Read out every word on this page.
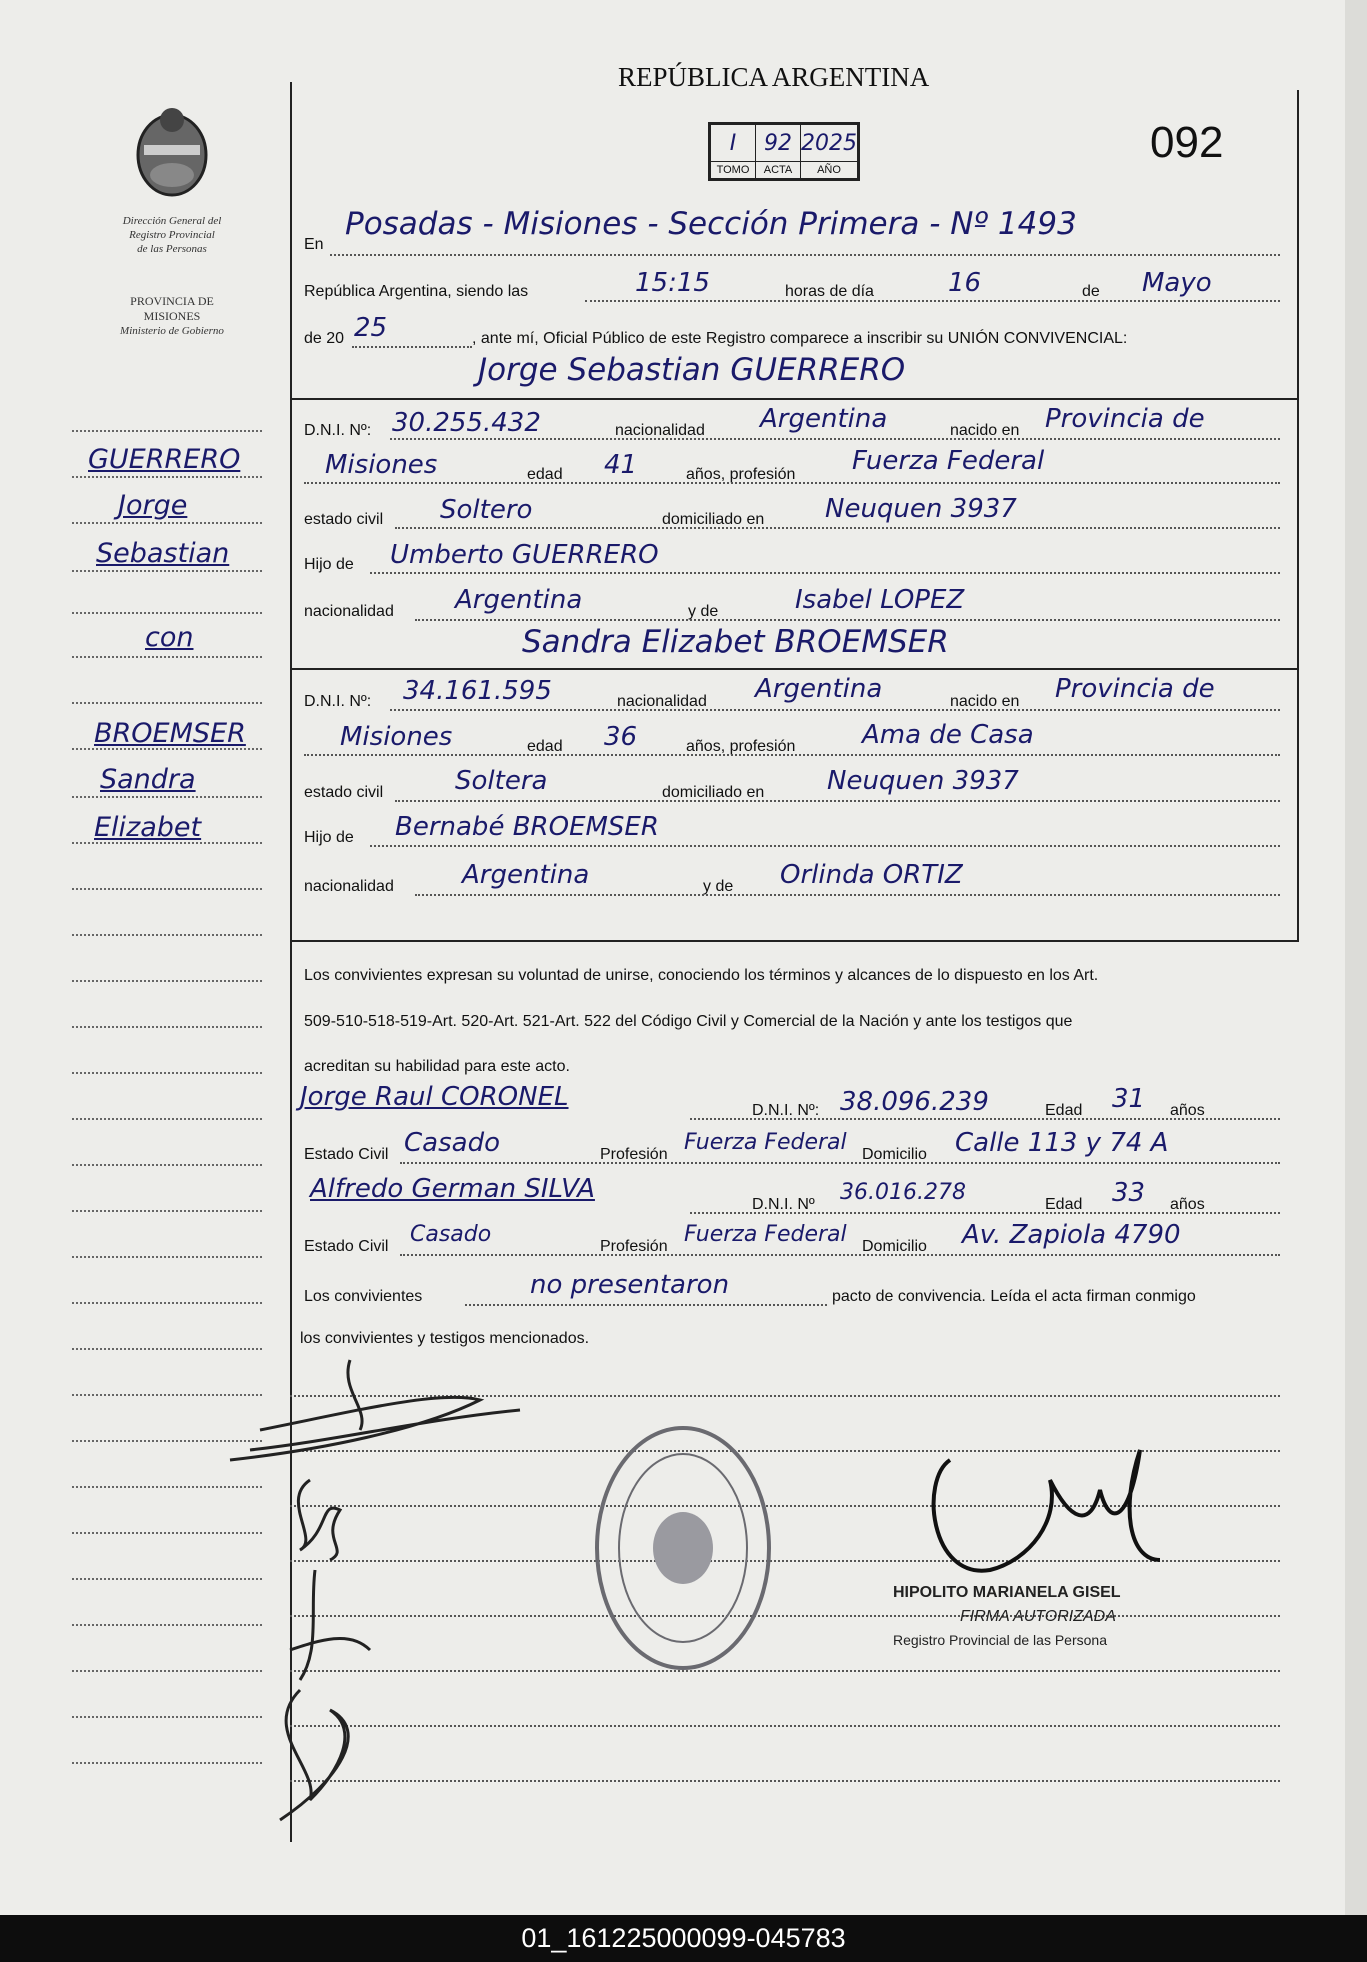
Dirección General del
Registro Provincial
de las Personas
PROVINCIA DE
MISIONES
Ministerio de Gobierno
REPÚBLICA ARGENTINA
092
I	92	2025
TOMO	ACTA	AÑO
En
Posadas - Misiones - Sección Primera - Nº 1493
República Argentina, siendo las	15:15	horas de día	16	de Mayo
de 20 25	, ante mí, Oficial Público de este Registro comparece a inscribir su UNIÓN CONVIVENCIAL:
Jorge Sebastian GUERRERO
D.N.I. Nº: 30.255.432	nacionalidad Argentina	nacido en Provincia de
Misiones	edad 41	años, profesión Fuerza Federal
estado civil Soltero	domiciliado en Neuquen 3937
Hijo de Umberto GUERRERO
nacionalidad Argentina	y de	Isabel LOPEZ
Sandra Elizabet BROEMSER
D.N.I. Nº: 34.161.595	nacionalidad Argentina	nacido en Provincia de
Misiones	edad 36	años, profesión	Ama de Casa
estado civil	Soltera	domiciliado en Neuquen 3937
Hijo de Bernabé BROEMSER
nacionalidad	Argentina	y de Orlinda ORTIZ
Los convivientes expresan su voluntad de unirse, conociendo los términos y alcances de lo dispuesto en los Art.
509-510-518-519-Art. 520-Art. 521-Art. 522 del Código Civil y Comercial de la Nación y ante los testigos que
acreditan su habilidad para este acto.
Jorge Raul CORONEL	D.N.I. Nº: 38.096.239	Edad 31 años
Estado Civil Casado	Profesión Fuerza Federal Domicilio Calle 113 y 74 A
Alfredo German SILVA
D.N.I. Nº 36.016.278	Edad 33 años
Estado Civil Casado	Profesión Fuerza Federal Domicilio Av. Zapiola 4790
Los convivientes	no presentaron	pacto de convivencia. Leída el acta firman conmigo
los convivientes y testigos mencionados.
HIPOLITO MARIANELA GISEL
FIRMA AUTORIZADA
Registro Provincial de las Persona
GUERRERO
Jorge
Sebastian
con
BROEMSER
Sandra
Elizabet
01_161225000099-045783
